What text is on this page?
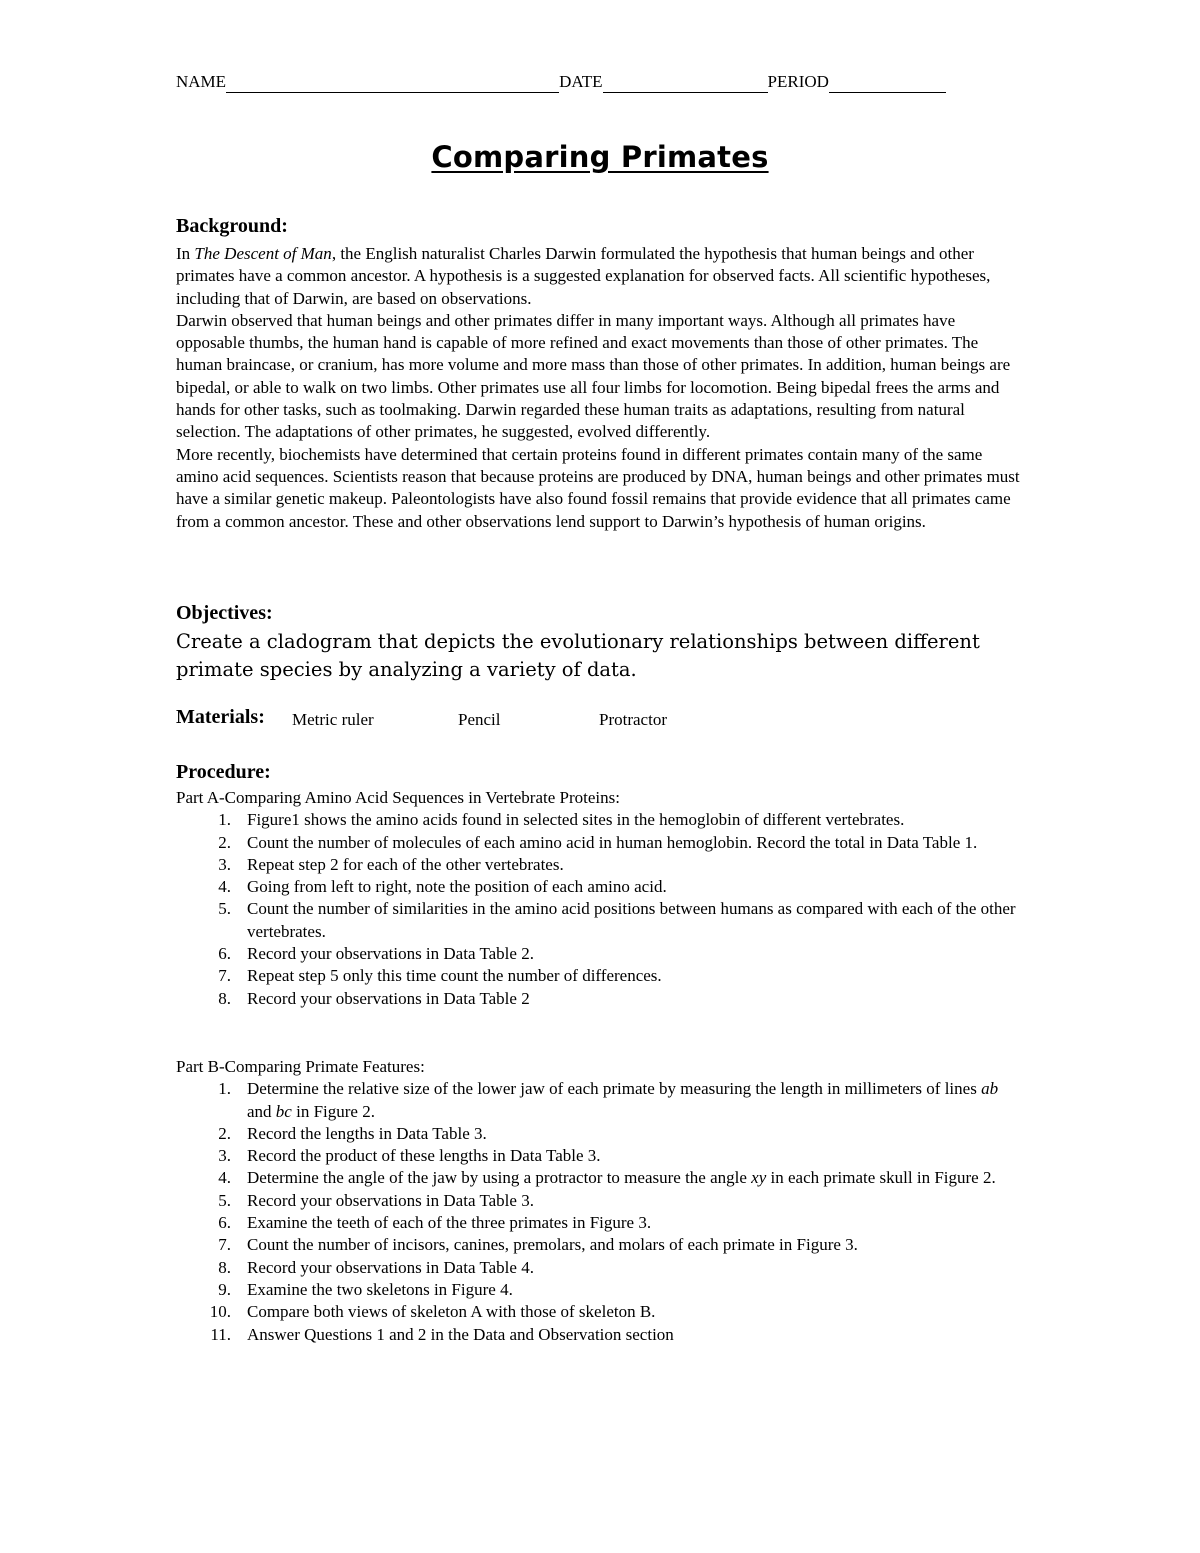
NAME	DATE	PERIOD
Comparing Primates
Background:

In The Descent of Man, the English naturalist Charles Darwin formulated the hypothesis that human beings and other primates have a common ancestor. A hypothesis is a suggested explanation for observed facts. All scientific hypotheses, including that of Darwin, are based on observations.

Darwin observed that human beings and other primates differ in many important ways. Although all primates have opposable thumbs, the human hand is capable of more refined and exact movements than those of other primates. The human braincase, or cranium, has more volume and more mass than those of other primates. In addition, human beings are bipedal, or able to walk on two limbs. Other primates use all four limbs for locomotion. Being bipedal frees the arms and hands for other tasks, such as toolmaking. Darwin regarded these human traits as adaptations, resulting from natural selection. The adaptations of other primates, he suggested, evolved differently.

More recently, biochemists have determined that certain proteins found in different primates contain many of the same amino acid sequences. Scientists reason that because proteins are produced by DNA, human beings and other primates must have a similar genetic makeup. Paleontologists have also found fossil remains that provide evidence that all primates came from a common ancestor. These and other observations lend support to Darwin’s hypothesis of human origins.

Objectives:
Create a cladogram that depicts the evolutionary relationships between different primate species by analyzing a variety of data.
Materials: Metric ruler	Pencil	Protractor
Procedure:
Part A-Comparing Amino Acid Sequences in Vertebrate Proteins:
1. Figure1 shows the amino acids found in selected sites in the hemoglobin of different vertebrates.
2. Count the number of molecules of each amino acid in human hemoglobin. Record the total in Data Table 1.
3. Repeat step 2 for each of the other vertebrates.
4. Going from left to right, note the position of each amino acid.
5. Count the number of similarities in the amino acid positions between humans as compared with each of the other vertebrates.
6. Record your observations in Data Table 2.
7. Repeat step 5 only this time count the number of differences.
8. Record your observations in Data Table 2
Part B-Comparing Primate Features:
1. Determine the relative size of the lower jaw of each primate by measuring the length in millimeters of lines ab and bc in Figure 2.
2. Record the lengths in Data Table 3.
3. Record the product of these lengths in Data Table 3.
4. Determine the angle of the jaw by using a protractor to measure the angle xy in each primate skull in Figure 2.
5. Record your observations in Data Table 3.
6. Examine the teeth of each of the three primates in Figure 3.
7. Count the number of incisors, canines, premolars, and molars of each primate in Figure 3.
8. Record your observations in Data Table 4.
9. Examine the two skeletons in Figure 4.
10. Compare both views of skeleton A with those of skeleton B.
11. Answer Questions 1 and 2 in the Data and Observation section
